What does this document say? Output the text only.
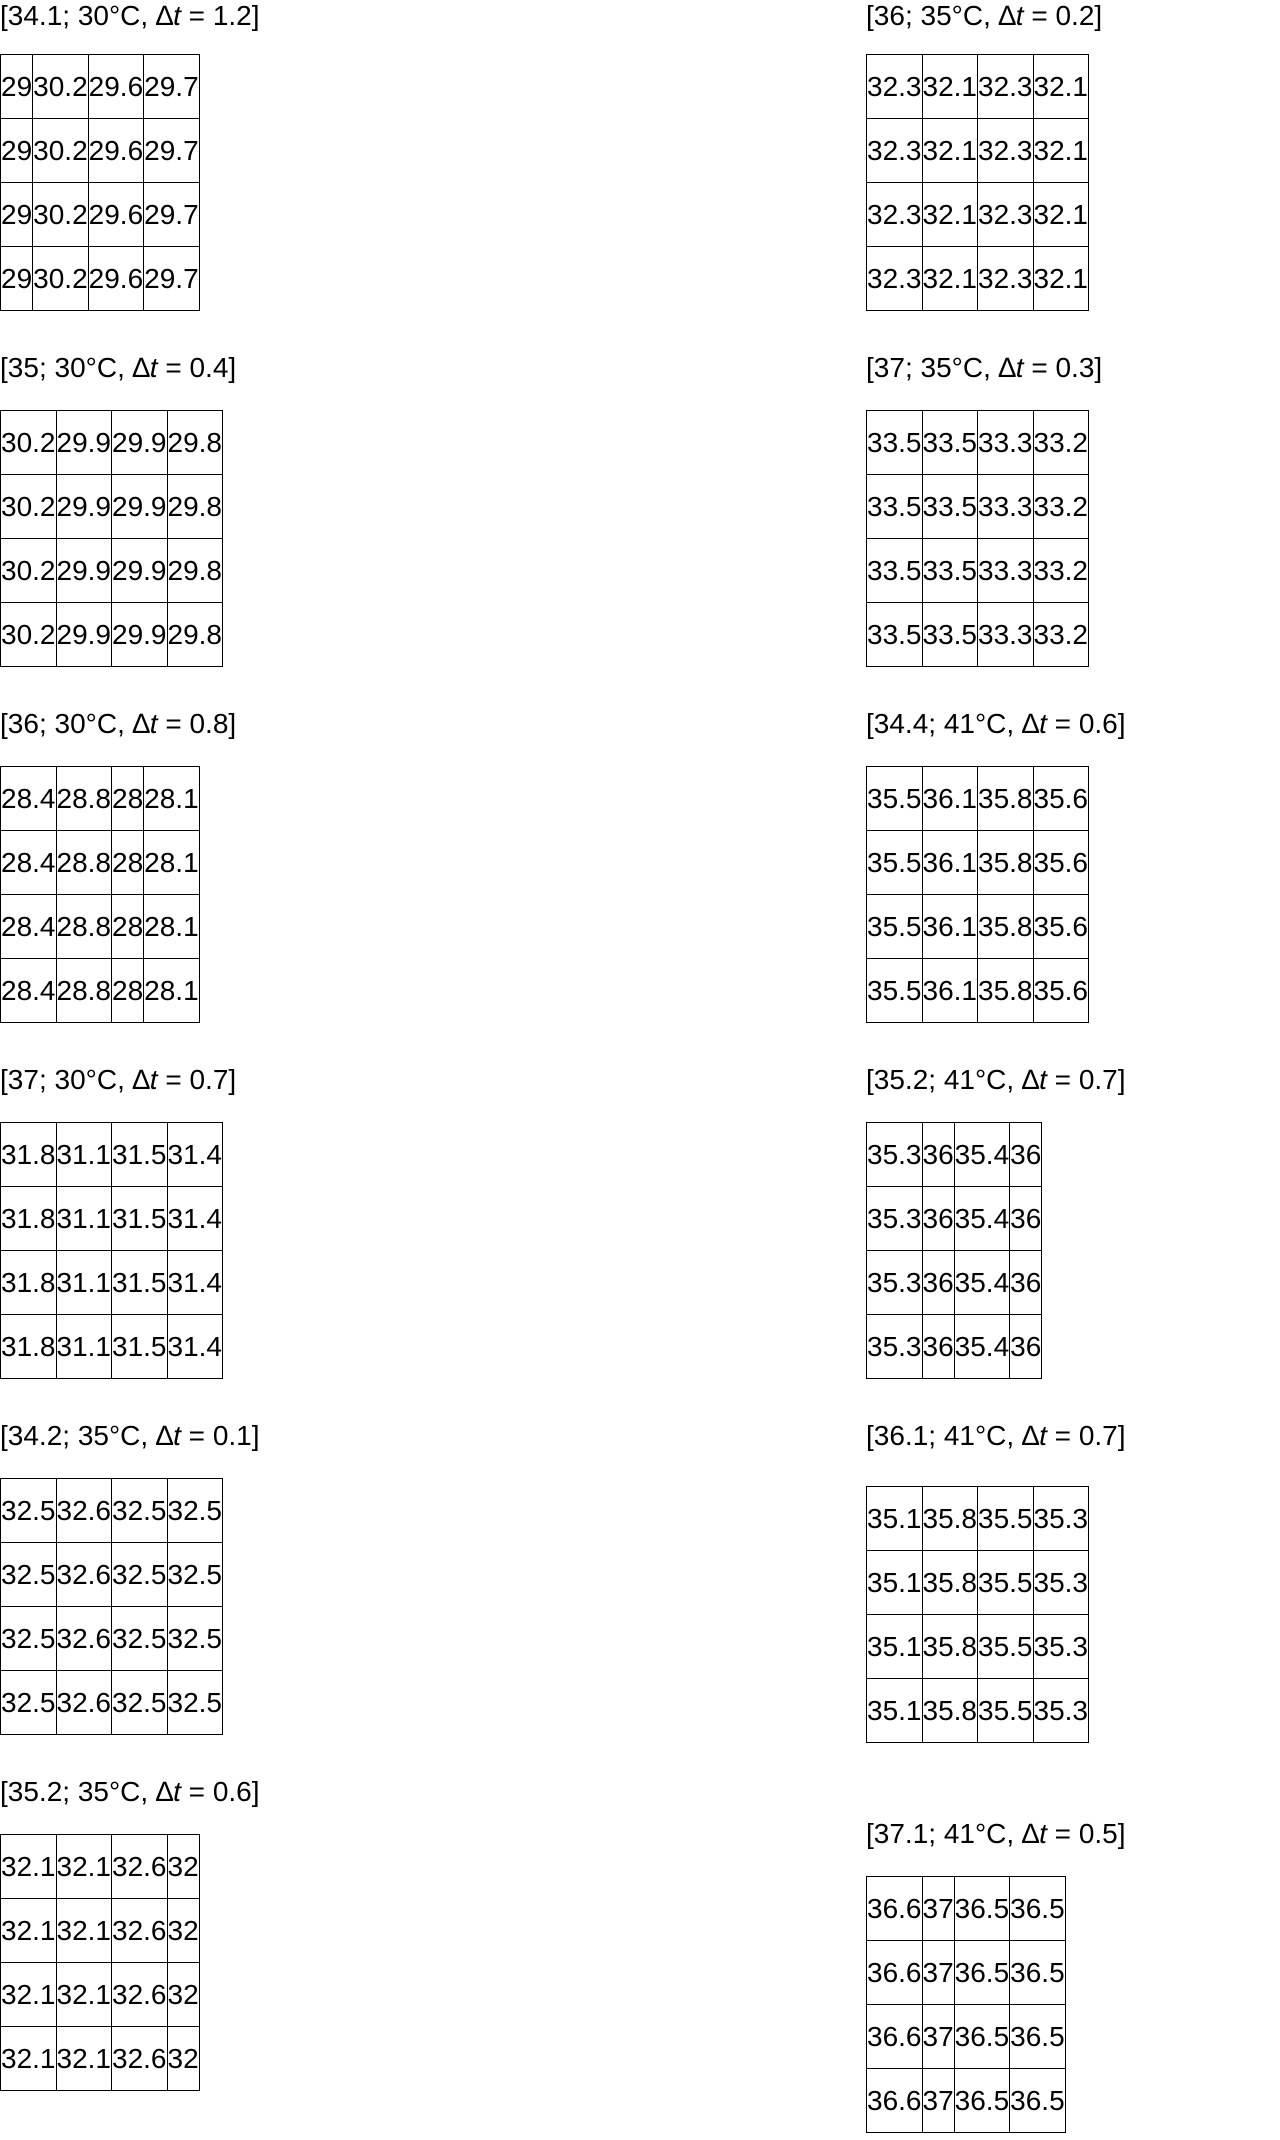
[34.1; 30°C, ∆t = 1.2]
29	30.2	29.6	29.7
29	30.2	29.6	29.7
29	30.2	29.6	29.7
29	30.2	29.6	29.7
[35; 30°C, ∆t = 0.4]
30.2	29.9	29.9	29.8
30.2	29.9	29.9	29.8
30.2	29.9	29.9	29.8
30.2	29.9	29.9	29.8
[36; 30°C, ∆t = 0.8]
28.4	28.8	28	28.1
28.4	28.8	28	28.1
28.4	28.8	28	28.1
28.4	28.8	28	28.1
[37; 30°C, ∆t = 0.7]
31.8	31.1	31.5	31.4
31.8	31.1	31.5	31.4
31.8	31.1	31.5	31.4
31.8	31.1	31.5	31.4
[34.2; 35°C, ∆t = 0.1]
32.5	32.6	32.5	32.5
32.5	32.6	32.5	32.5
32.5	32.6	32.5	32.5
32.5	32.6	32.5	32.5
[35.2; 35°C, ∆t = 0.6]
32.1	32.1	32.6	32
32.1	32.1	32.6	32
32.1	32.1	32.6	32
32.1	32.1	32.6	32
[36; 35°C, ∆t = 0.2]
32.3	32.1	32.3	32.1
32.3	32.1	32.3	32.1
32.3	32.1	32.3	32.1
32.3	32.1	32.3	32.1
[37; 35°C, ∆t = 0.3]
33.5	33.5	33.3	33.2
33.5	33.5	33.3	33.2
33.5	33.5	33.3	33.2
33.5	33.5	33.3	33.2
[34.4; 41°C, ∆t = 0.6]
35.5	36.1	35.8	35.6
35.5	36.1	35.8	35.6
35.5	36.1	35.8	35.6
35.5	36.1	35.8	35.6
[35.2; 41°C, ∆t = 0.7]
35.3	36	35.4	36
35.3	36	35.4	36
35.3	36	35.4	36
35.3	36	35.4	36
[36.1; 41°C, ∆t = 0.7]
35.1	35.8	35.5	35.3
35.1	35.8	35.5	35.3
35.1	35.8	35.5	35.3
35.1	35.8	35.5	35.3
[37.1; 41°C, ∆t = 0.5]
36.6	37	36.5	36.5
36.6	37	36.5	36.5
36.6	37	36.5	36.5
36.6	37	36.5	36.5
